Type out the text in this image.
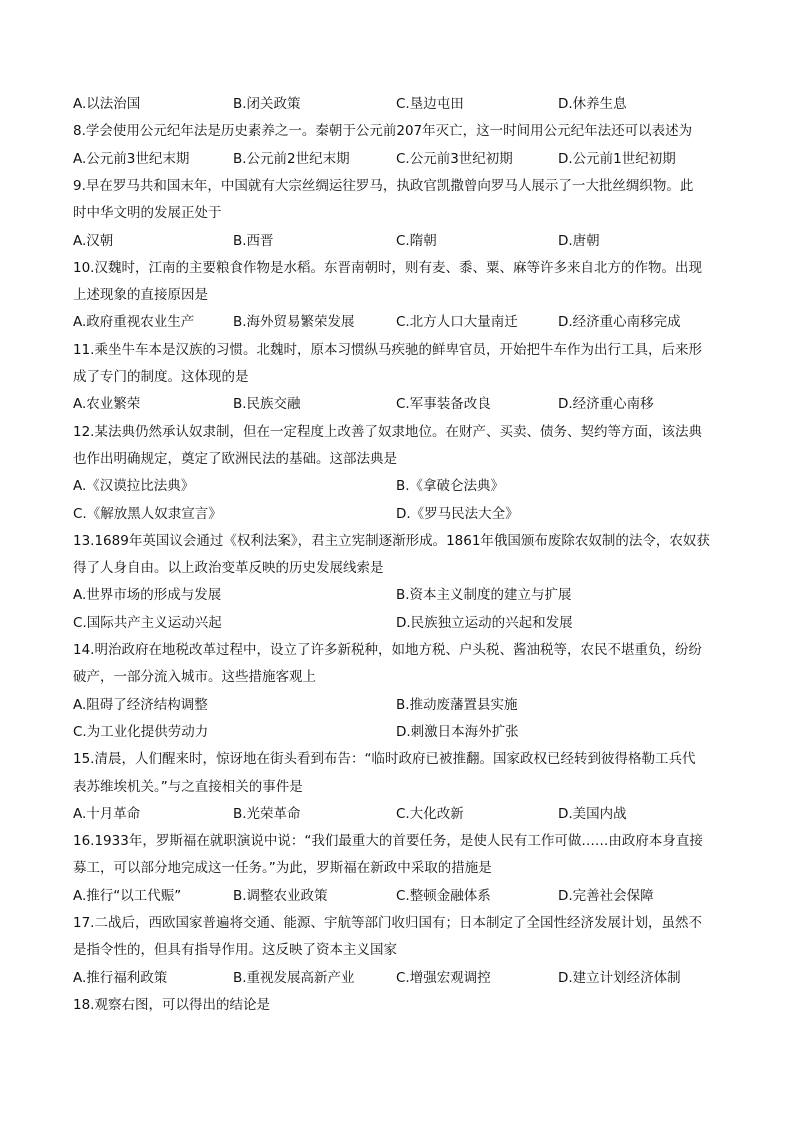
A.以法治国	B.闭关政策	C.垦边屯田	D.休养生息
8.学会使用公元纪年法是历史素养之一。秦朝于公元前207年灭亡，这一时间用公元纪年法还可以表述为
A.公元前3世纪末期	B.公元前2世纪末期	C.公元前3世纪初期	D.公元前1世纪初期
9.早在罗马共和国末年，中国就有大宗丝绸运往罗马，执政官凯撒曾向罗马人展示了一大批丝绸织物。此
时中华文明的发展正处于
A.汉朝	B.西晋	C.隋朝	D.唐朝
10.汉魏时，江南的主要粮食作物是水稻。东晋南朝时，则有麦、黍、粟、麻等许多来自北方的作物。出现
上述现象的直接原因是
A.政府重视农业生产	B.海外贸易繁荣发展	C.北方人口大量南迁	D.经济重心南移完成
11.乘坐牛车本是汉族的习惯。北魏时，原本习惯纵马疾驰的鲜卑官员，开始把牛车作为出行工具，后来形
成了专门的制度。这体现的是
A.农业繁荣	B.民族交融	C.军事装备改良	D.经济重心南移
12.某法典仍然承认奴隶制，但在一定程度上改善了奴隶地位。在财产、买卖、债务、契约等方面，该法典
也作出明确规定，奠定了欧洲民法的基础。这部法典是
A.《汉谟拉比法典》	B.《拿破仑法典》
C.《解放黑人奴隶宣言》	D.《罗马民法大全》
13.1689年英国议会通过《权利法案》，君主立宪制逐渐形成。1861年俄国颁布废除农奴制的法令，农奴获
得了人身自由。以上政治变革反映的历史发展线索是
A.世界市场的形成与发展	B.资本主义制度的建立与扩展
C.国际共产主义运动兴起	D.民族独立运动的兴起和发展
14.明治政府在地税改革过程中，设立了许多新税种，如地方税、户头税、酱油税等，农民不堪重负，纷纷
破产，一部分流入城市。这些措施客观上
A.阻碍了经济结构调整	B.推动废藩置县实施
C.为工业化提供劳动力	D.刺激日本海外扩张
15.清晨，人们醒来时，惊讶地在街头看到布告：“临时政府已被推翻。国家政权已经转到彼得格勒工兵代
表苏维埃机关。”与之直接相关的事件是
A.十月革命	B.光荣革命	C.大化改新	D.美国内战
16.1933年，罗斯福在就职演说中说：“我们最重大的首要任务，是使人民有工作可做……由政府本身直接
募工，可以部分地完成这一任务。”为此，罗斯福在新政中采取的措施是
A.推行“以工代赈”	B.调整农业政策	C.整顿金融体系	D.完善社会保障
17.二战后，西欧国家普遍将交通、能源、宇航等部门收归国有；日本制定了全国性经济发展计划，虽然不
是指令性的，但具有指导作用。这反映了资本主义国家
A.推行福利政策	B.重视发展高新产业	C.增强宏观调控	D.建立计划经济体制
18.观察右图，可以得出的结论是
